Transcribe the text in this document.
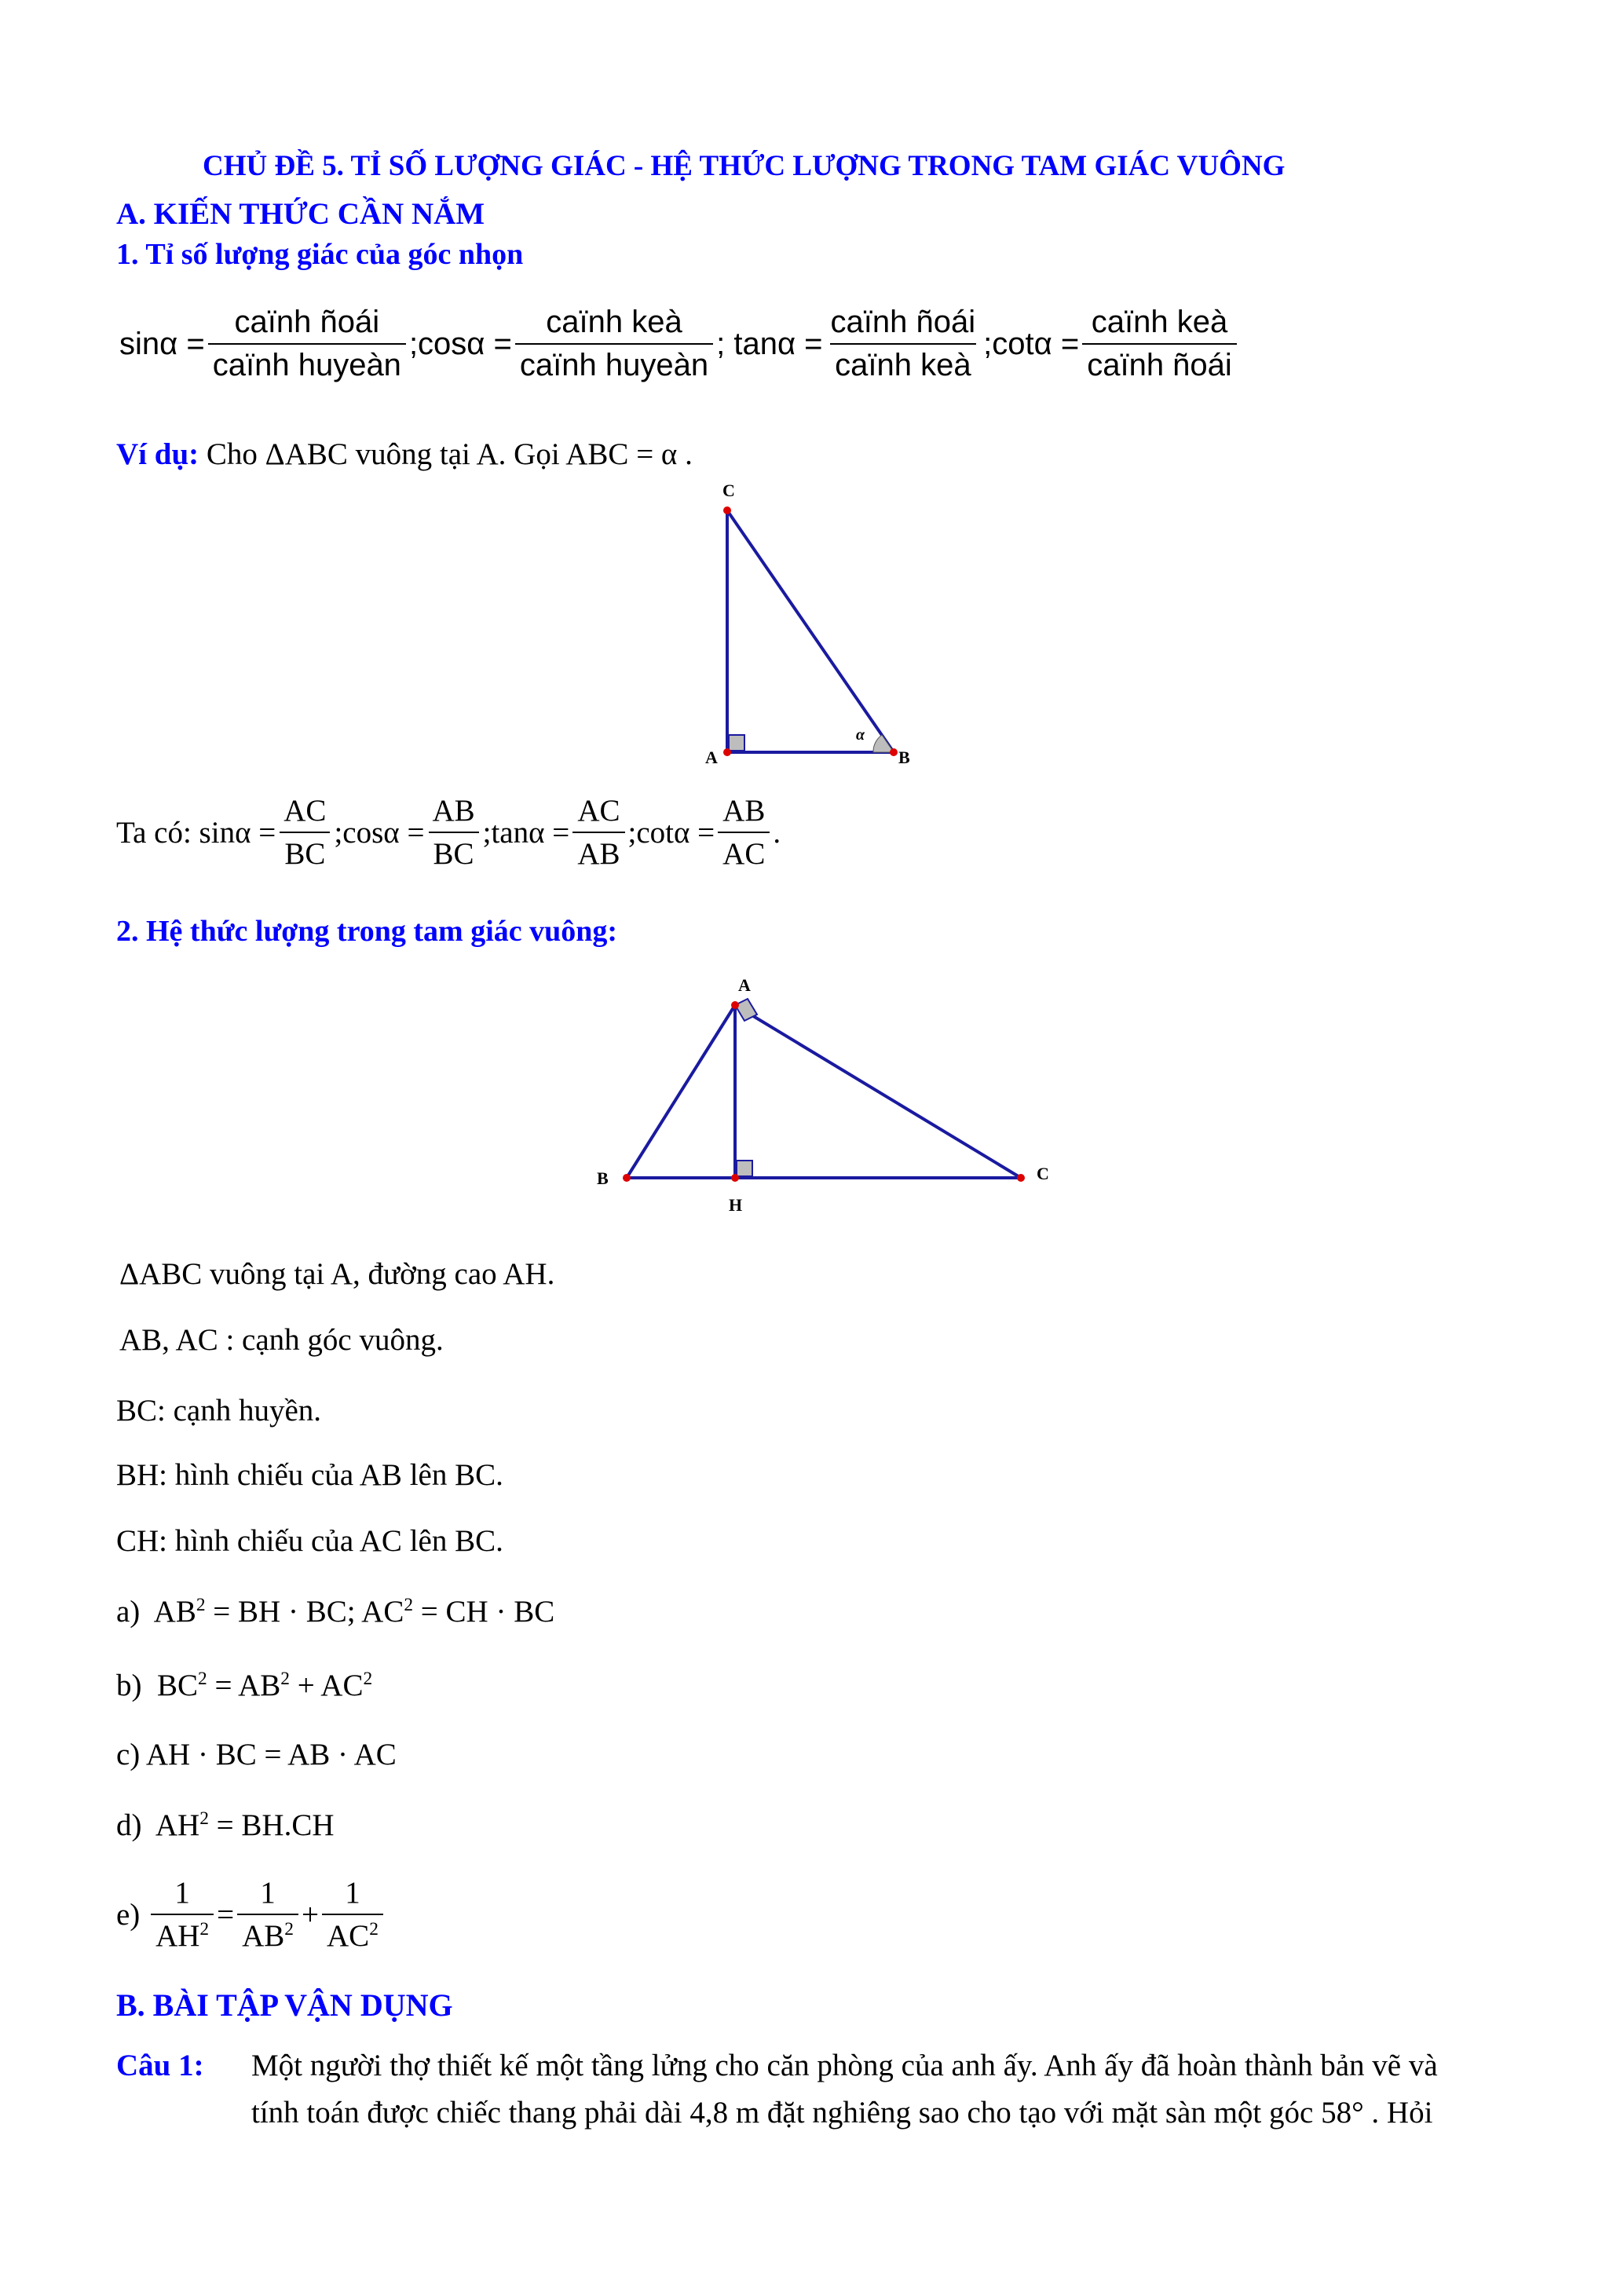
CHỦ ĐỀ 5. TỈ SỐ LƯỢNG GIÁC - HỆ THỨC LƯỢNG TRONG TAM GIÁC VUÔNG
A. KIẾN THỨC CẦN NẮM
1. Tỉ số lượng giác của góc nhọn
$\sin\alpha = \frac{\text{caïnh ñoái}}{\text{caïnh huyeàn}}$ ;cosα = $\frac{\text{caïnh keà}}{\text{caïnh huyeàn}}$ ; $\tan\alpha = \frac{\text{caïnh ñoái}}{\text{caïnh keà}}$ ;cotα = $\frac{\text{caïnh keà}}{\text{caïnh ñoái}}$
Ví dụ: Cho ΔABC vuông tại A. Gọi ABC = α .
C
A	B
α
Ta có: $\sin\alpha = \frac{AC}{BC}$ ;cosα = $\frac{AB}{BC}$ ;tanα = $\frac{AC}{AB}$ ;cotα = $\frac{AB}{AC}$ .
2. Hệ thức lượng trong tam giác vuông:
A
B	C
H
ΔABC vuông tại A, đường cao AH.
AB, AC : cạnh góc vuông.
BC: cạnh huyền.
BH: hình chiếu của AB lên BC.
CH: hình chiếu của AC lên BC.
a)  $AB^2$ = BH · BC; $AC^2$ = CH · BC
b)  $BC^2 = AB^2 + AC^2$
c) AH · BC = AB · AC
d)  $AH^2 = BH.CH$
e)
$\frac{1}{AH^2} = \frac{1}{AB^2} + \frac{1}{AC^2}$
B. BÀI TẬP VẬN DỤNG
Câu 1: Một người thợ thiết kế một tầng lửng cho căn phòng của anh ấy. Anh ấy đã hoàn thành bản vẽ và
tính toán được chiếc thang phải dài 4,8 m đặt nghiêng sao cho tạo với mặt sàn một góc 58° . Hỏi
